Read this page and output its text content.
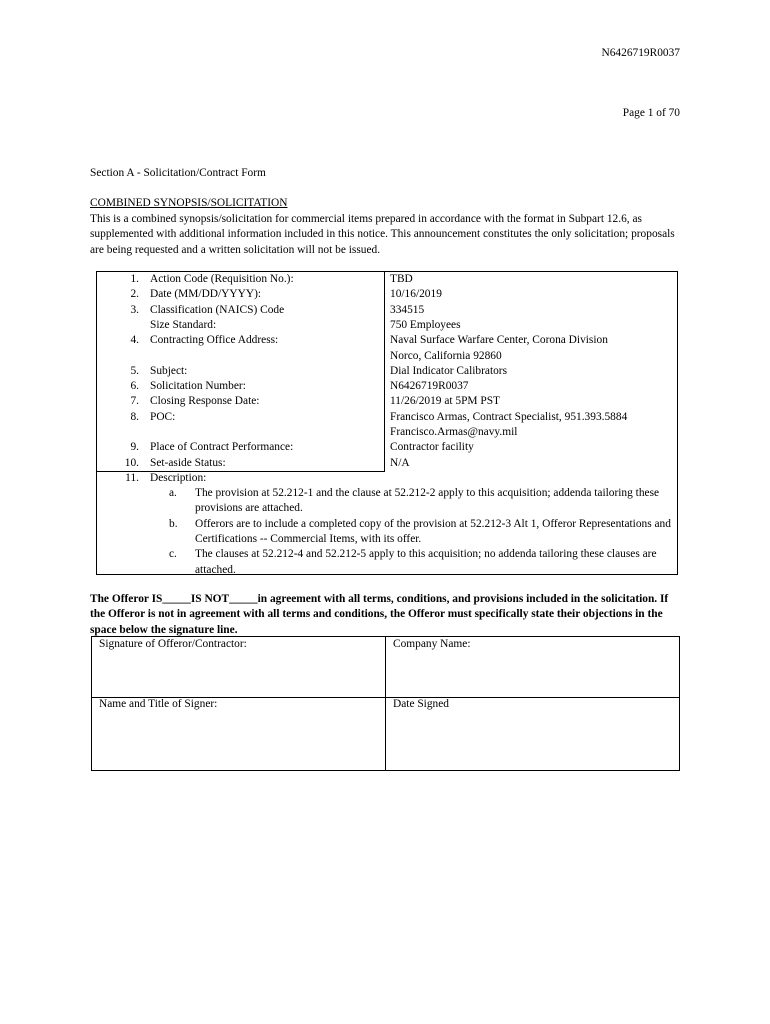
N6426719R0037
Page 1 of 70
Section A - Solicitation/Contract Form
COMBINED SYNOPSIS/SOLICITATION
This is a combined synopsis/solicitation for commercial items prepared in accordance with the format in Subpart 12.6, as supplemented with additional information included in this notice. This announcement constitutes the only solicitation; proposals are being requested and a written solicitation will not be issued.
1. Action Code (Requisition No.):	TBD
2. Date (MM/DD/YYYY):	10/16/2019
3. Classification (NAICS) Code	334515
Size Standard:	750 Employees
4. Contracting Office Address:	Naval Surface Warfare Center, Corona Division
Norco, California 92860
5. Subject:	Dial Indicator Calibrators
6. Solicitation Number:	N6426719R0037
7. Closing Response Date:	11/26/2019 at 5PM PST
8. POC:	Francisco Armas, Contract Specialist, 951.393.5884
Francisco.Armas@navy.mil
9. Place of Contract Performance:	Contractor facility
10. Set-aside Status:	N/A
11. Description:
a. The provision at 52.212-1 and the clause at 52.212-2 apply to this acquisition; addenda tailoring these provisions are attached.
b. Offerors are to include a completed copy of the provision at 52.212-3 Alt 1, Offeror Representations and Certifications -- Commercial Items, with its offer.
c. The clauses at 52.212-4 and 52.212-5 apply to this acquisition; no addenda tailoring these clauses are attached.
The Offeror IS_____IS NOT_____in agreement with all terms, conditions, and provisions included in the solicitation. If the Offeror is not in agreement with all terms and conditions, the Offeror must specifically state their objections in the space below the signature line.
Signature of Offeror/Contractor:	Company Name:
Name and Title of Signer:	Date Signed
